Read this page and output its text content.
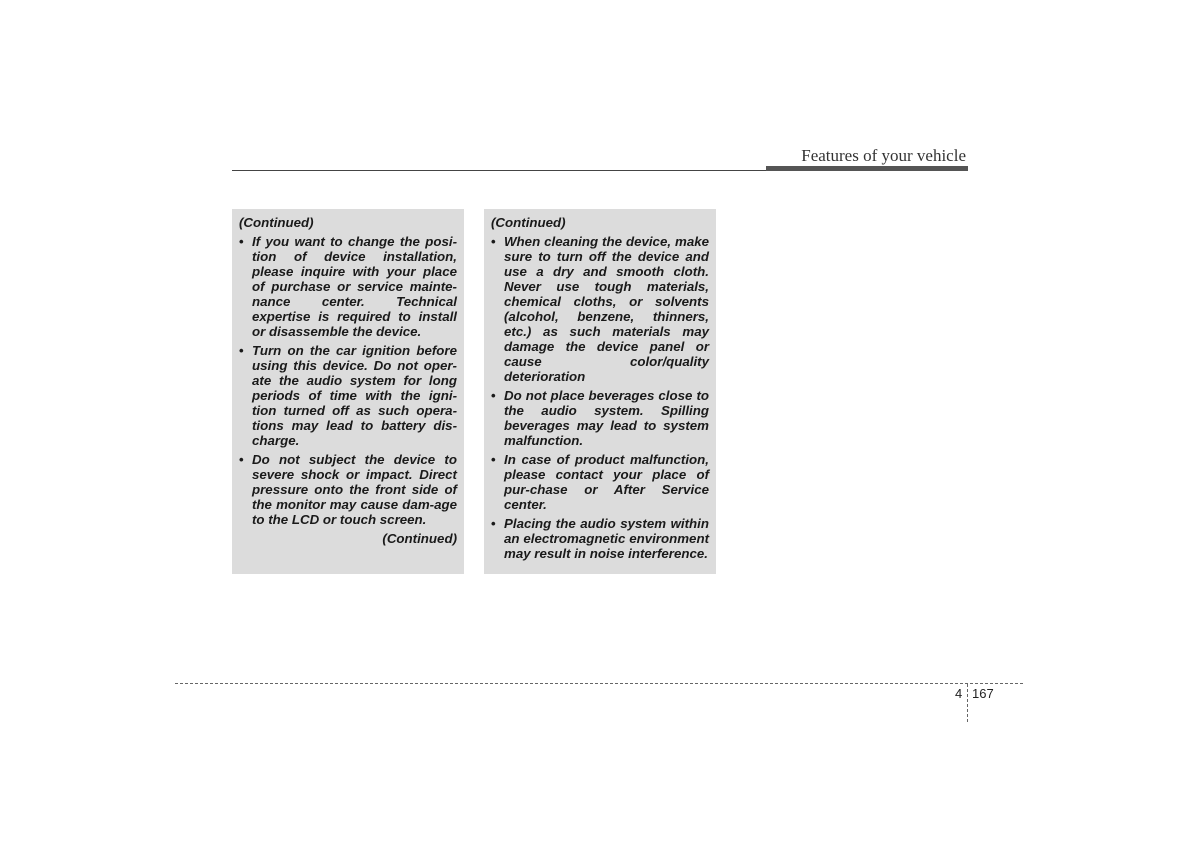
Features of your vehicle
(Continued)
• If you want to change the posi-tion of device installation, please inquire with your place of purchase or service mainte-nance center. Technical expertise is required to install or disassemble the device.
• Turn on the car ignition before using this device. Do not oper-ate the audio system for long periods of time with the igni-tion turned off as such opera-tions may lead to battery dis-charge.
• Do not subject the device to severe shock or impact. Direct pressure onto the front side of the monitor may cause dam-age to the LCD or touch screen.
(Continued)
(Continued)
• When cleaning the device, make sure to turn off the device and use a dry and smooth cloth. Never use tough materials, chemical cloths, or solvents (alcohol, benzene, thinners, etc.) as such materials may damage the device panel or cause color/quality deterioration
• Do not place beverages close to the audio system. Spilling beverages may lead to system malfunction.
• In case of product malfunction, please contact your place of pur-chase or After Service center.
• Placing the audio system within an electromagnetic environment may result in noise interference.
4 167
